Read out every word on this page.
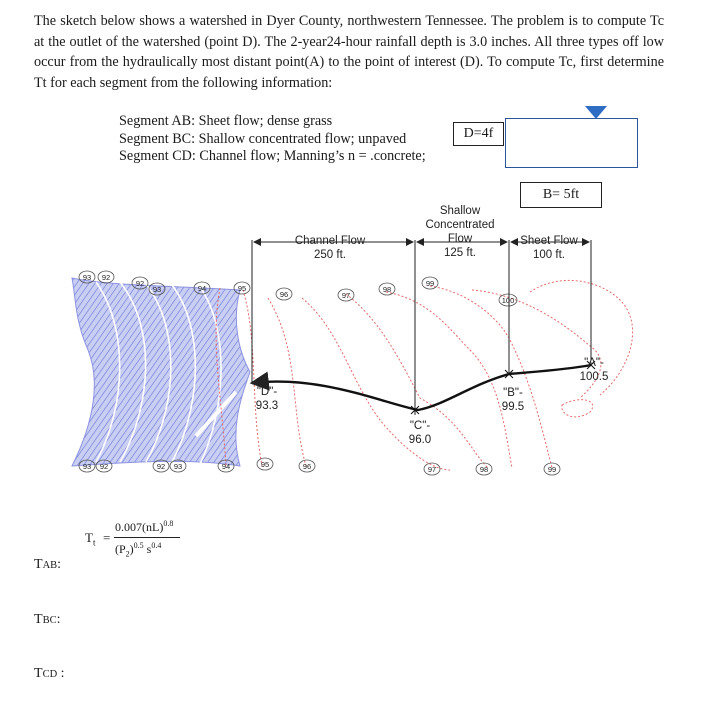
The sketch below shows a watershed in Dyer County, northwestern Tennessee. The problem is to compute Tc at the outlet of the watershed (point D). The 2-year24-hour rainfall depth is 3.0 inches. All three types off low occur from the hydraulically most distant point(A) to the point of interest (D). To compute Tc, first determine Tt for each segment from the following information:

Segment AB: Sheet flow; dense grass
Segment BC: Shallow concentrated flow; unpaved
Segment CD: Channel flow; Manning’s n = .concrete;
D=4f
B= 5ft
93 92
92
93	94	95
96	97
98
99
100
93 92	92 93	94	95	96	97	98	99
Channel Flow
250 ft.
Shallow
Concentrated
Flow
125 ft.
Sheet Flow
100 ft.
"A"-
100.5
"B"-
99.5
"C"-
96.0
"D"-
93.3
$T_t$ =
0.007(nL)$^{0.8}$
$(P_2)^{0.5}$ $s^{0.4}$
TAB:
TBC:
TCD :
